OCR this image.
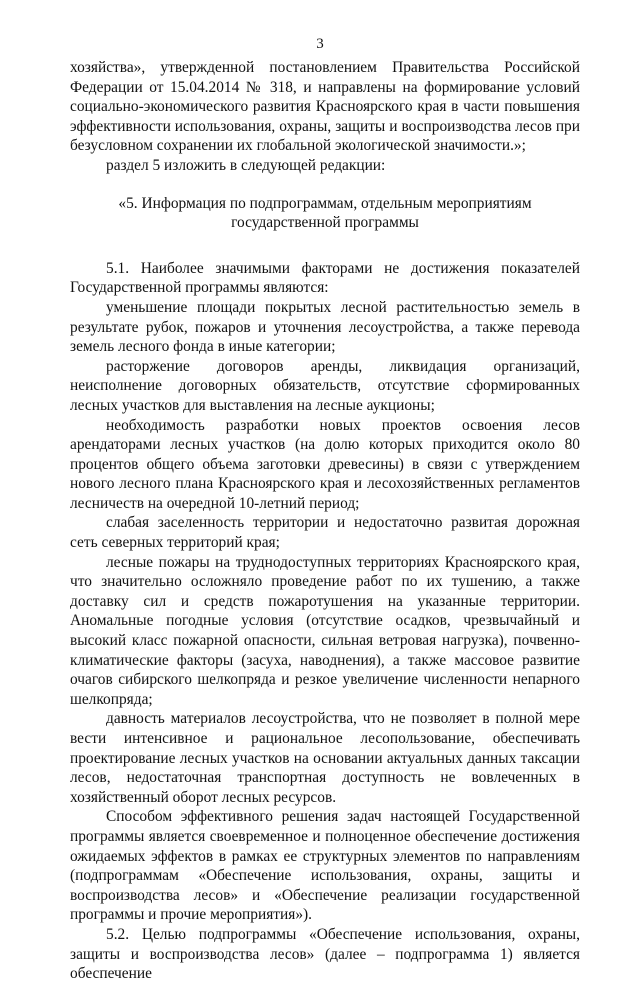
3

хозяйства», утвержденной постановлением Правительства Российской Федерации от 15.04.2014 № 318, и направлены на формирование условий социально-экономического развития Красноярского края в части повышения эффективности использования, охраны, защиты и воспроизводства лесов при безусловном сохранении их глобальной экологической значимости.»;

раздел 5 изложить в следующей редакции:

«5. Информация по подпрограммам, отдельным мероприятиям
государственной программы

5.1. Наиболее значимыми факторами не достижения показателей Государственной программы являются:

уменьшение площади покрытых лесной растительностью земель в результате рубок, пожаров и уточнения лесоустройства, а также перевода земель лесного фонда в иные категории;

расторжение договоров аренды, ликвидация организаций, неисполнение договорных обязательств, отсутствие сформированных лесных участков для выставления на лесные аукционы;

необходимость разработки новых проектов освоения лесов арендаторами лесных участков (на долю которых приходится около 80 процентов общего объема заготовки древесины) в связи с утверждением нового лесного плана Красноярского края и лесохозяйственных регламентов лесничеств на очередной 10-летний период;

слабая заселенность территории и недостаточно развитая дорожная сеть северных территорий края;

лесные пожары на труднодоступных территориях Красноярского края, что значительно осложняло проведение работ по их тушению, а также доставку сил и средств пожаротушения на указанные территории. Аномальные погодные условия (отсутствие осадков, чрезвычайный и высокий класс пожарной опасности, сильная ветровая нагрузка), почвенно-климатические факторы (засуха, наводнения), а также массовое развитие очагов сибирского шелкопряда и резкое увеличение численности непарного шелкопряда;

давность материалов лесоустройства, что не позволяет в полной мере вести интенсивное и рациональное лесопользование, обеспечивать проектирование лесных участков на основании актуальных данных таксации лесов, недостаточная транспортная доступность не вовлеченных в хозяйственный оборот лесных ресурсов.

Способом эффективного решения задач настоящей Государственной программы является своевременное и полноценное обеспечение достижения ожидаемых эффектов в рамках ее структурных элементов по направлениям (подпрограммам «Обеспечение использования, охраны, защиты и воспроизводства лесов» и «Обеспечение реализации государственной программы и прочие мероприятия»).

5.2. Целью подпрограммы «Обеспечение использования, охраны, защиты и воспроизводства лесов» (далее – подпрограмма 1) является обеспечение
